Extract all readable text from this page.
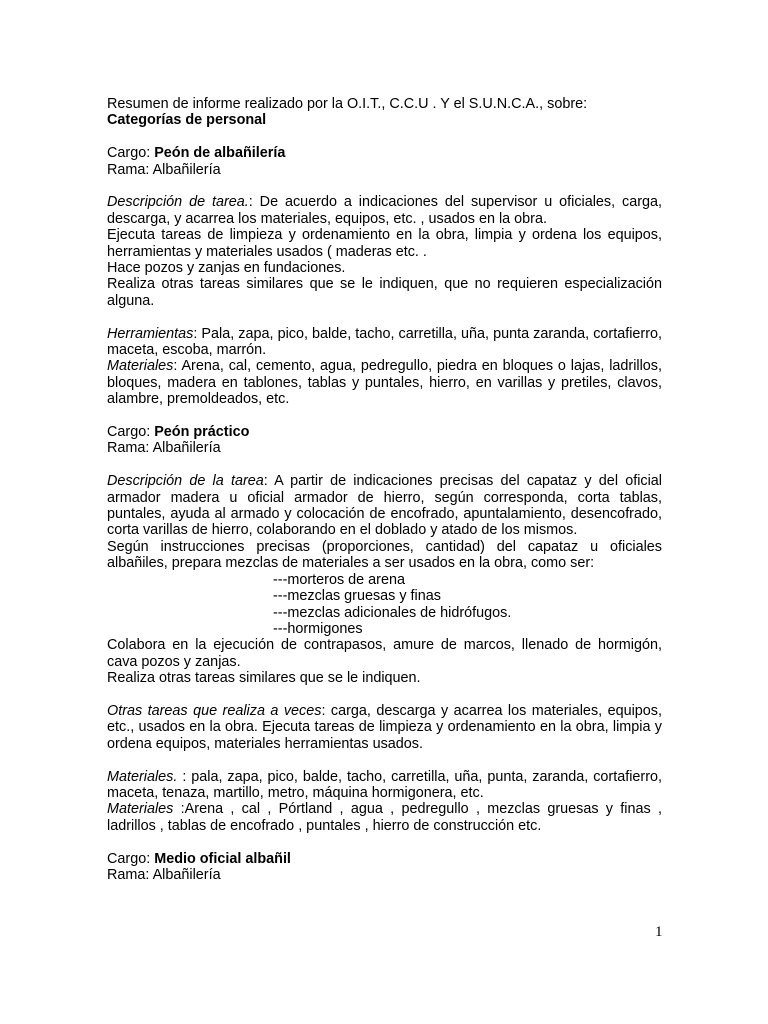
Resumen de informe realizado por la O.I.T., C.C.U . Y el S.U.N.C.A., sobre:

Categorías de personal

Cargo: Peón de albañilería

Rama: Albañilería

Descripción de tarea.: De acuerdo a indicaciones del supervisor u oficiales, carga, descarga, y acarrea los materiales, equipos, etc. , usados en la obra.

Ejecuta tareas de limpieza y ordenamiento en la obra, limpia y ordena los equipos, herramientas y materiales usados ( maderas etc. .

Hace pozos y zanjas en fundaciones.

Realiza otras tareas similares que se le indiquen, que no requieren especialización alguna.

Herramientas: Pala, zapa, pico, balde, tacho, carretilla, uña, punta zaranda, cortafierro, maceta, escoba, marrón.

Materiales: Arena, cal, cemento, agua, pedregullo, piedra en bloques o lajas, ladrillos, bloques, madera en tablones, tablas y puntales, hierro, en varillas y pretiles, clavos, alambre, premoldeados, etc.

Cargo: Peón práctico

Rama: Albañilería

Descripción de la tarea: A partir de indicaciones precisas del capataz y del oficial armador madera u oficial armador de hierro, según corresponda, corta tablas, puntales, ayuda al armado y colocación de encofrado, apuntalamiento, desencofrado, corta varillas de hierro, colaborando en el doblado y atado de los mismos.

Según instrucciones precisas (proporciones, cantidad) del capataz u oficiales albañiles, prepara mezclas de materiales a ser usados en la obra, como ser:

---morteros de arena

---mezclas gruesas y finas

---mezclas adicionales de hidrófugos.

---hormigones

Colabora en la ejecución de contrapasos, amure de marcos, llenado de hormigón, cava pozos y zanjas.

Realiza otras tareas similares que se le indiquen.

Otras tareas que realiza a veces: carga, descarga y acarrea los materiales, equipos, etc., usados en la obra. Ejecuta tareas de limpieza y ordenamiento en la obra, limpia y ordena equipos, materiales herramientas usados.

Materiales. : pala, zapa, pico, balde, tacho, carretilla, uña, punta, zaranda, cortafierro, maceta, tenaza, martillo, metro, máquina hormigonera, etc.

Materiales :Arena , cal , Pórtland , agua , pedregullo , mezclas gruesas y finas , ladrillos , tablas de encofrado , puntales , hierro de construcción etc.

Cargo: Medio oficial albañil

Rama: Albañilería

1
